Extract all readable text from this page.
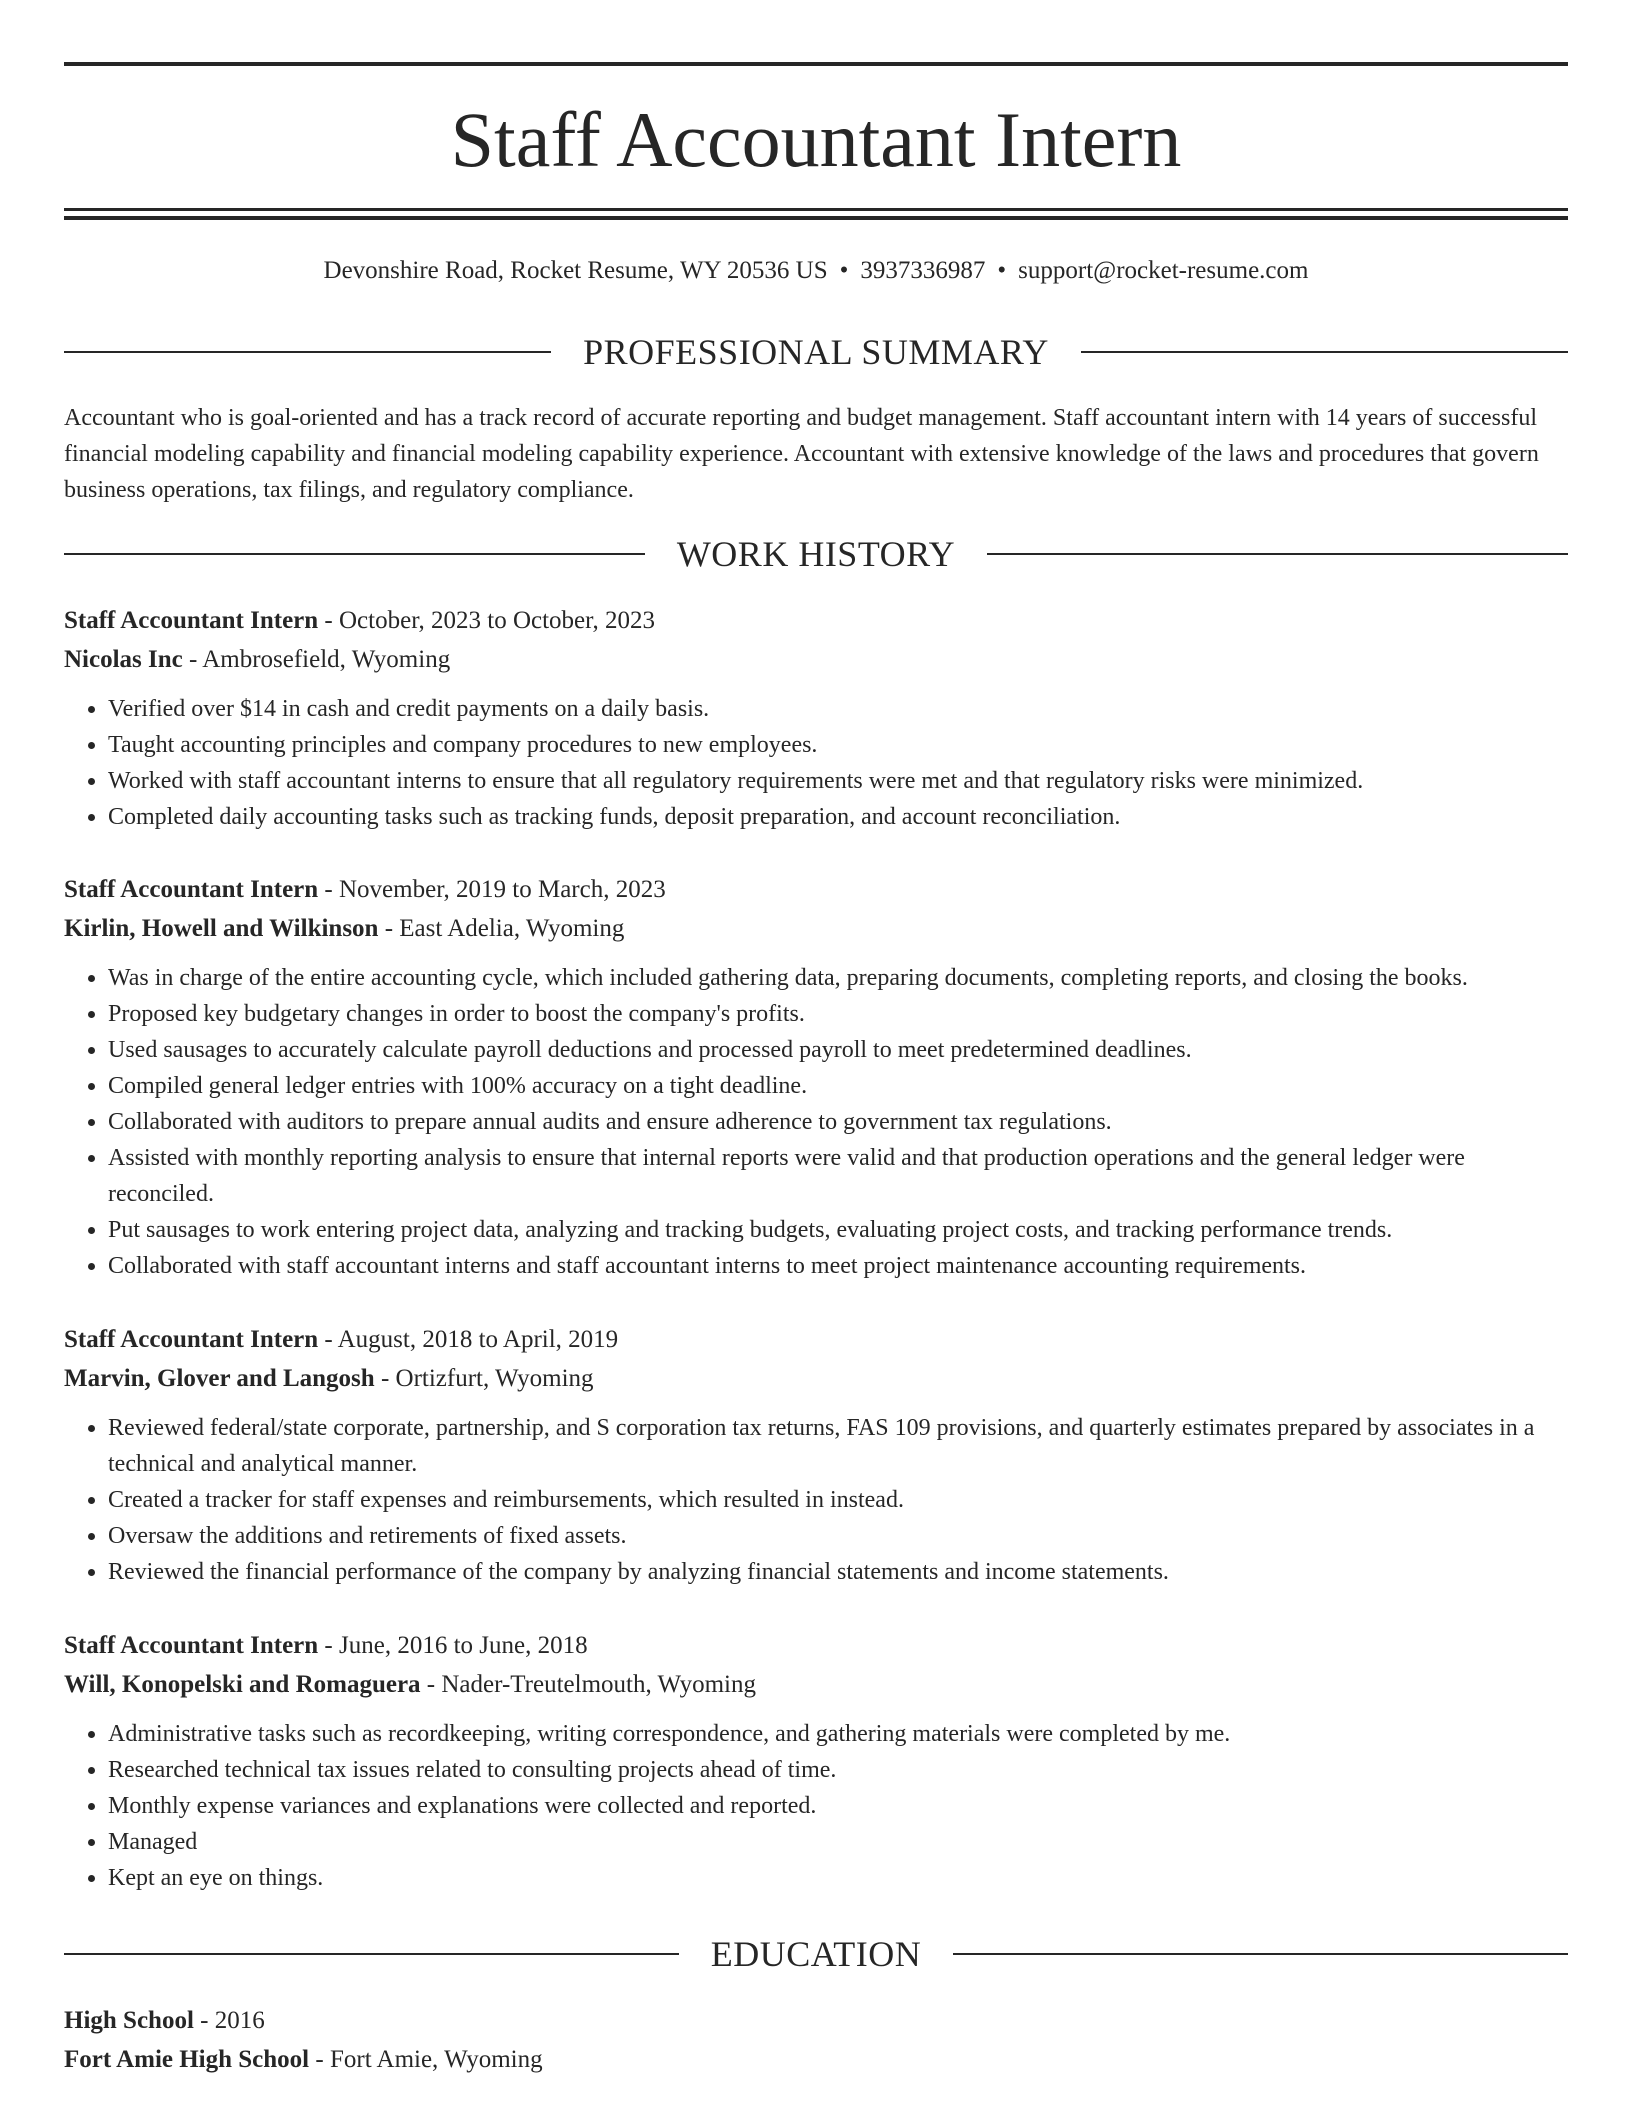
Staff Accountant Intern
Devonshire Road, Rocket Resume, WY 20536 US • 3937336987 • support@rocket-resume.com
PROFESSIONAL SUMMARY

Accountant who is goal-oriented and has a track record of accurate reporting and budget management. Staff accountant intern with 14 years of successful financial modeling capability and financial modeling capability experience. Accountant with extensive knowledge of the laws and procedures that govern business operations, tax filings, and regulatory compliance.

WORK HISTORY
Staff Accountant Intern - October, 2023 to October, 2023
Nicolas Inc - Ambrosefield, Wyoming
• Verified over $14 in cash and credit payments on a daily basis.
• Taught accounting principles and company procedures to new employees.
• Worked with staff accountant interns to ensure that all regulatory requirements were met and that regulatory risks were minimized.
• Completed daily accounting tasks such as tracking funds, deposit preparation, and account reconciliation.
Staff Accountant Intern - November, 2019 to March, 2023
Kirlin, Howell and Wilkinson - East Adelia, Wyoming
• Was in charge of the entire accounting cycle, which included gathering data, preparing documents, completing reports, and closing the books.
• Proposed key budgetary changes in order to boost the company's profits.
• Used sausages to accurately calculate payroll deductions and processed payroll to meet predetermined deadlines.
• Compiled general ledger entries with 100% accuracy on a tight deadline.
• Collaborated with auditors to prepare annual audits and ensure adherence to government tax regulations.
• Assisted with monthly reporting analysis to ensure that internal reports were valid and that production operations and the general ledger were reconciled.
• Put sausages to work entering project data, analyzing and tracking budgets, evaluating project costs, and tracking performance trends.
• Collaborated with staff accountant interns and staff accountant interns to meet project maintenance accounting requirements.
Staff Accountant Intern - August, 2018 to April, 2019
Marvin, Glover and Langosh - Ortizfurt, Wyoming
• Reviewed federal/state corporate, partnership, and S corporation tax returns, FAS 109 provisions, and quarterly estimates prepared by associates in a technical and analytical manner.
• Created a tracker for staff expenses and reimbursements, which resulted in instead.
• Oversaw the additions and retirements of fixed assets.
• Reviewed the financial performance of the company by analyzing financial statements and income statements.
Staff Accountant Intern - June, 2016 to June, 2018
Will, Konopelski and Romaguera - Nader-Treutelmouth, Wyoming
• Administrative tasks such as recordkeeping, writing correspondence, and gathering materials were completed by me.
• Researched technical tax issues related to consulting projects ahead of time.
• Monthly expense variances and explanations were collected and reported.
• Managed
• Kept an eye on things.
EDUCATION
High School - 2016
Fort Amie High School - Fort Amie, Wyoming
